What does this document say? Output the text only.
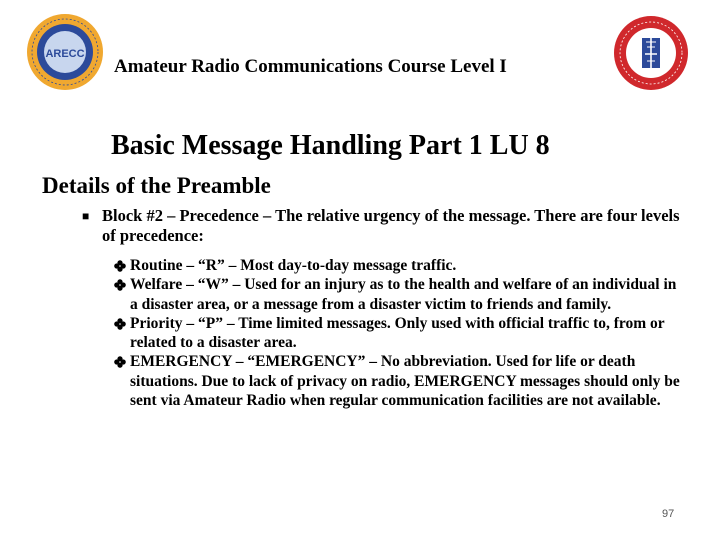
ARECC
Amateur Radio Communications Course Level I
Basic Message Handling Part 1 LU 8
Details of the Preamble
■ Block #2 – Precedence – The relative urgency of the message. There are four levels of precedence:
Routine – “R” – Most day-to-day message traffic.
Welfare – “W” – Used for an injury as to the health and welfare of an individual in a disaster area, or a message from a disaster victim to friends and family.
Priority – “P” – Time limited messages. Only used with official traffic to, from or related to a disaster area.
EMERGENCY – “EMERGENCY” – No abbreviation. Used for life or death situations. Due to lack of privacy on radio, EMERGENCY messages should only be sent via Amateur Radio when regular communication facilities are not available.
97
